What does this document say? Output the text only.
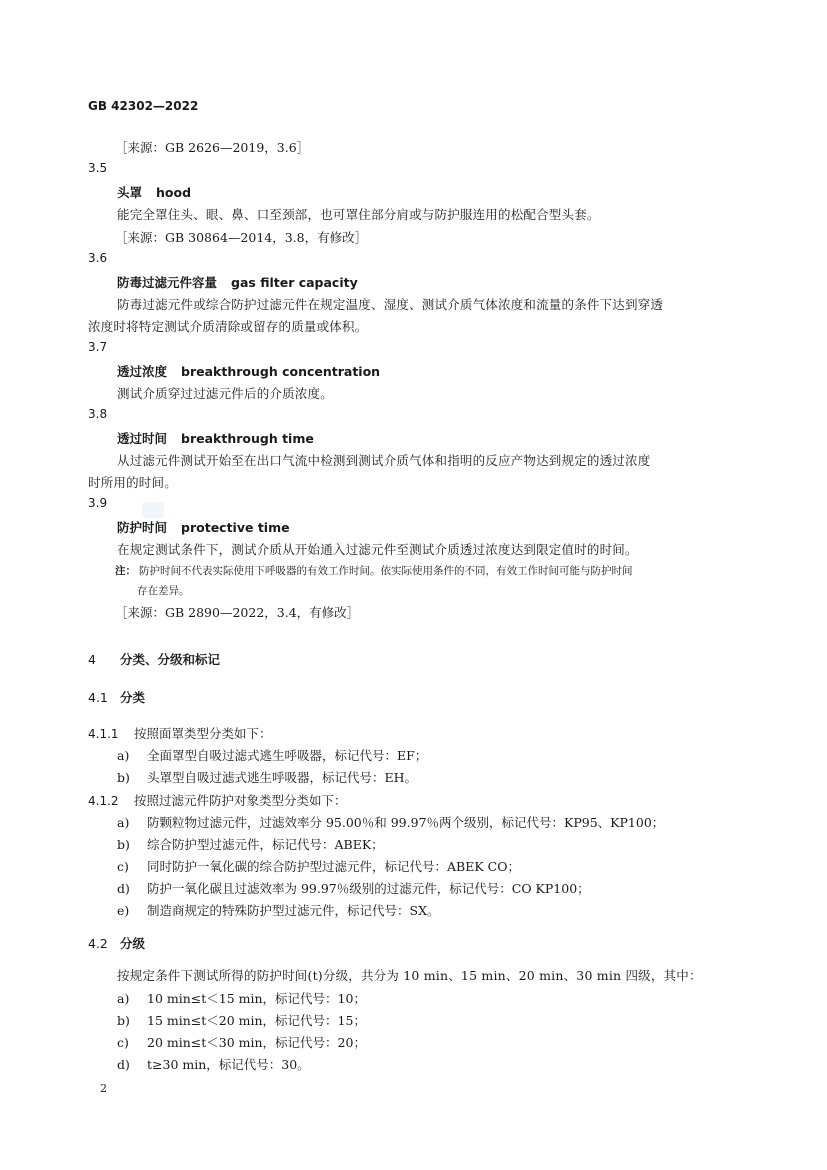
GB 42302—2022
［来源：GB 2626—2019，3.6］
3.5
头罩 hood
能完全罩住头、眼、鼻、口至颈部，也可罩住部分肩或与防护服连用的松配合型头套。
［来源：GB 30864—2014，3.8，有修改］
3.6
防毒过滤元件容量 gas filter capacity
防毒过滤元件或综合防护过滤元件在规定温度、湿度、测试介质气体浓度和流量的条件下达到穿透
浓度时将特定测试介质清除或留存的质量或体积。
3.7
透过浓度 breakthrough concentration
测试介质穿过过滤元件后的介质浓度。
3.8
透过时间 breakthrough time
从过滤元件测试开始至在出口气流中检测到测试介质气体和指明的反应产物达到规定的透过浓度
时所用的时间。
3.9
防护时间 protective time
在规定测试条件下，测试介质从开始通入过滤元件至测试介质透过浓度达到限定值时的时间。
注： 防护时间不代表实际使用下呼吸器的有效工作时间。依实际使用条件的不同，有效工作时间可能与防护时间
存在差异。
［来源：GB 2890—2022，3.4，有修改］
4 分类、分级和标记
4.1 分类
4.1.1 按照面罩类型分类如下：
a) 全面罩型自吸过滤式逃生呼吸器，标记代号：EF；
b) 头罩型自吸过滤式逃生呼吸器，标记代号：EH。
4.1.2 按照过滤元件防护对象类型分类如下：
a) 防颗粒物过滤元件，过滤效率分 95.00％和 99.97％两个级别，标记代号：KP95、KP100；
b) 综合防护型过滤元件，标记代号：ABEK；
c) 同时防护一氧化碳的综合防护型过滤元件，标记代号：ABEK CO；
d) 防护一氧化碳且过滤效率为 99.97％级别的过滤元件，标记代号：CO KP100；
e) 制造商规定的特殊防护型过滤元件，标记代号：SX。
4.2 分级
按规定条件下测试所得的防护时间(t)分级，共分为 10 min、15 min、20 min、30 min 四级，其中：
a) 10 min≤t＜15 min，标记代号：10；
b) 15 min≤t＜20 min，标记代号：15；
c) 20 min≤t＜30 min，标记代号：20；
d) t≥30 min，标记代号：30。
2
